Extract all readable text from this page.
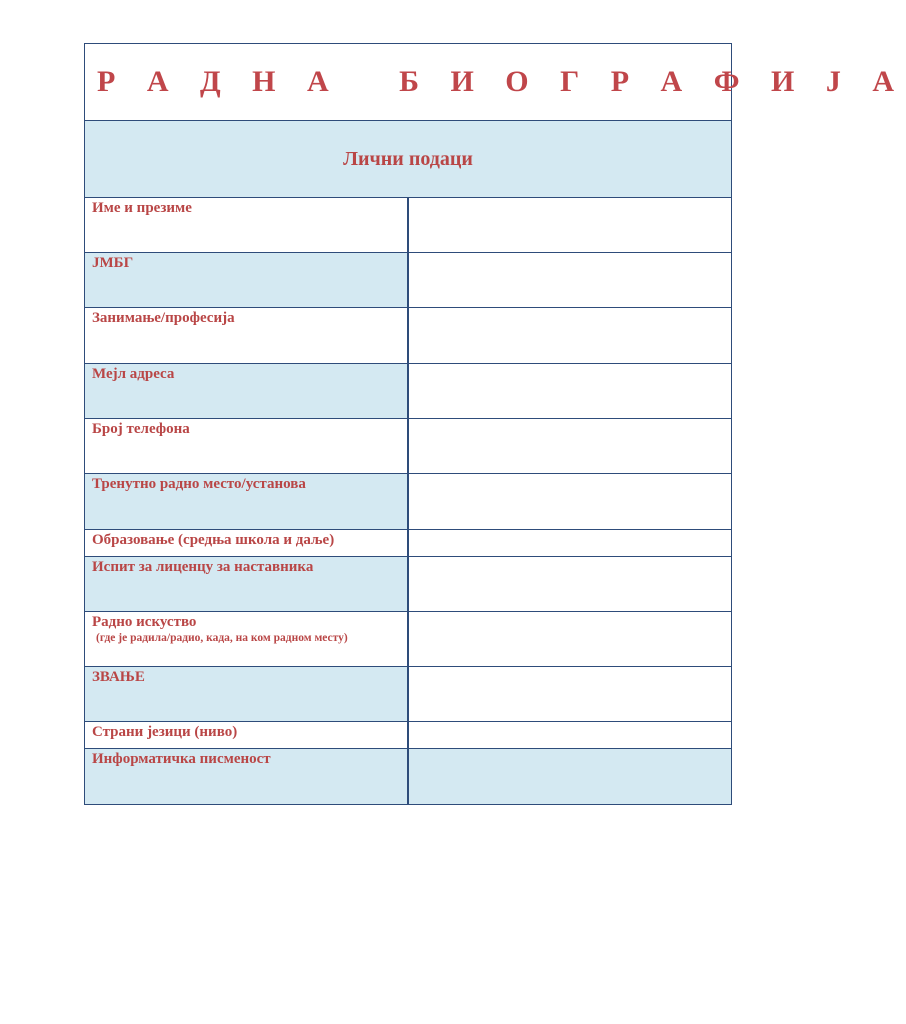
Р А Д Н А   Б И О Г Р А Ф И Ј А	
Лични подаци	

Име и презиме	

ЈМБГ	

Занимање/професија	

Мејл адреса	

Број телефона	

Тренутно радно место/установа	

Образовање (средња школа и даље)	

Испит за лиценцу за наставника	

Радно искуство
(где је радила/радио, када, на ком радном месту)	

ЗВАЊЕ	

Страни језици (ниво)	

Информатичка писменост	
